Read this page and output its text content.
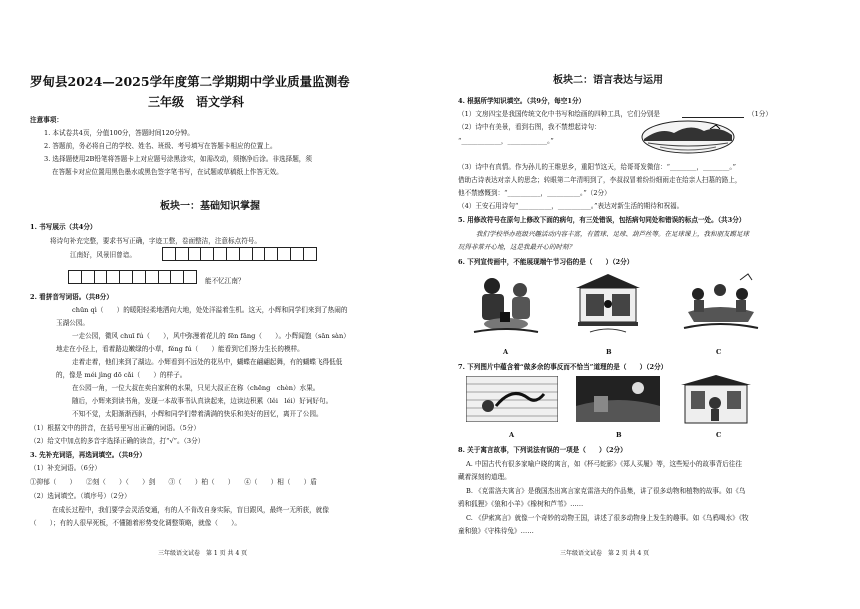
罗甸县2024—2025学年度第二学期期中学业质量监测卷
三年级　语文学科
注意事项：
1. 本试卷共4页，分值100分，答题时间120分钟。
2. 答题前，务必将自己的学校、姓名、班级、考号填写在答题卡相应的位置上。
3. 选择题使用2B铅笔将答题卡上对应题号涂黑涂实，如需改动，须擦净后涂。非选择题，须
在答题卡对应位置用黑色墨水或黑色签字笔书写，在试题或草稿纸上作答无效。
板块一：基础知识掌握
1. 书写展示（共4分）
将诗句补充完整，要求书写正确，字迹工整，卷面整洁，注意标点符号。
江南好，风景旧曾谙。
能不忆江南？
2. 看拼音写词语。（共8分）
chūn qì（　　）的暖阳轻柔地洒向大地，处处洋溢着生机。这天，小辉和同学们来到了热闹的
玉湖公园。
一走公园，微风 chuī fú（　　），风中弥漫着花儿的 fēn fāng（　　）。小辉闻饱（sān sàn）
地走在小径上，看着路边嫩绿的小草，fěng fú（　　）能看到它们努力生长的模样。
走着走着，他们来到了湖边。小辉看到不远处的花丛中，蝴蝶在翩翩起舞，有的蝴蝶飞得低低
的，像是 méi jìng dō cǎi（　　）的样子。
在公园一角，一位大叔在卖自家种的水果，只见大叔正在称（chēng　chèn）水果。
随后，小辉来到读书角，发现一本故事书认真读起来，边读边积累（lěi　léi）好词好句。
不知不觉，太阳渐渐西斜，小辉和同学们带着满满的快乐和美好的回忆，离开了公园。
（1）根据文中的拼音，在括号里写出正确的词语。（5分）
（2）给文中加点的多音字选择正确的读音，打“√”。（3分）
3. 先补充词语，再选词填空。（共8分）
（1）补充词语。（6分）
①抑郁（　　）　　②刻（　　）（　　）剑　　③（　　）柏（　　）　　④（　　）相（　　）盾
（2）选词填空。（填序号）（2分）
在成长过程中，我们要学会灵活变通，有的人不肯改自身实际，盲目跟风，最终一无所获，就像
（　　）；有的人很早死板，不懂随着形势变化调整策略，就像（　　）。
三年级语文试卷　第 1 页 共 4 页
板块二：语言表达与运用
4. 根据所学知识填空。（共9分，每空1分）
（1）文房四宝是我国传统文化中书写和绘画的四种工具，它们分别是	（1分）
（2）诗中有美景，看到右图，我不禁想起诗句：
“____________，____________。”
（3）诗中有真情。作为孙儿的王维思乡，重阳节这天，给哥哥发微信：“________，________。”
借助古诗表达对亲人的思念；转眼第二年清明到了，李叔叔冒着纷纷细雨走在给亲人扫墓的路上，
他不禁感慨到：“__________，__________。”（2分）
（4）王安石用诗句“__________，__________。”表达对新生活的期待和祝福。
5. 用修改符号在原句上修改下面的病句，有三处错误，包括病句同处和错误的标点一处。（共3分）
我们学校举办班级兴趣活动内容丰富，有篮球、足球、葫芦丝等。在足球课上，我和朋友踢足球
玩得非常开心地，这是我最开心的时刻？
6. 下列宣传画中，不能展现端午节习俗的是（　　）（2分）
A	B	C
7. 下列图片中蕴含着“做多余的事反而不恰当”道理的是（　　）（2分）
A	B	C
8. 关于寓言故事，下列说法有误的一项是（　　）（2分）
A. 中国古代有很多家喻户晓的寓言，如《杯弓蛇影》《郑人买履》等，这些短小的故事背后往往
藏着深刻的道理。
B. 《克雷洛夫寓言》是俄国杰出寓言家克雷洛夫的作品集，讲了很多动物和植物的故事。如《乌
鸦和狐狸》《狼和小羊》《橡树和芦苇》……
C. 《伊索寓言》就像一个奇妙的动物王国，讲述了很多动物身上发生的趣事。如《乌鸦喝水》《牧
童和狼》《守株待兔》……
三年级语文试卷　第 2 页 共 4 页
